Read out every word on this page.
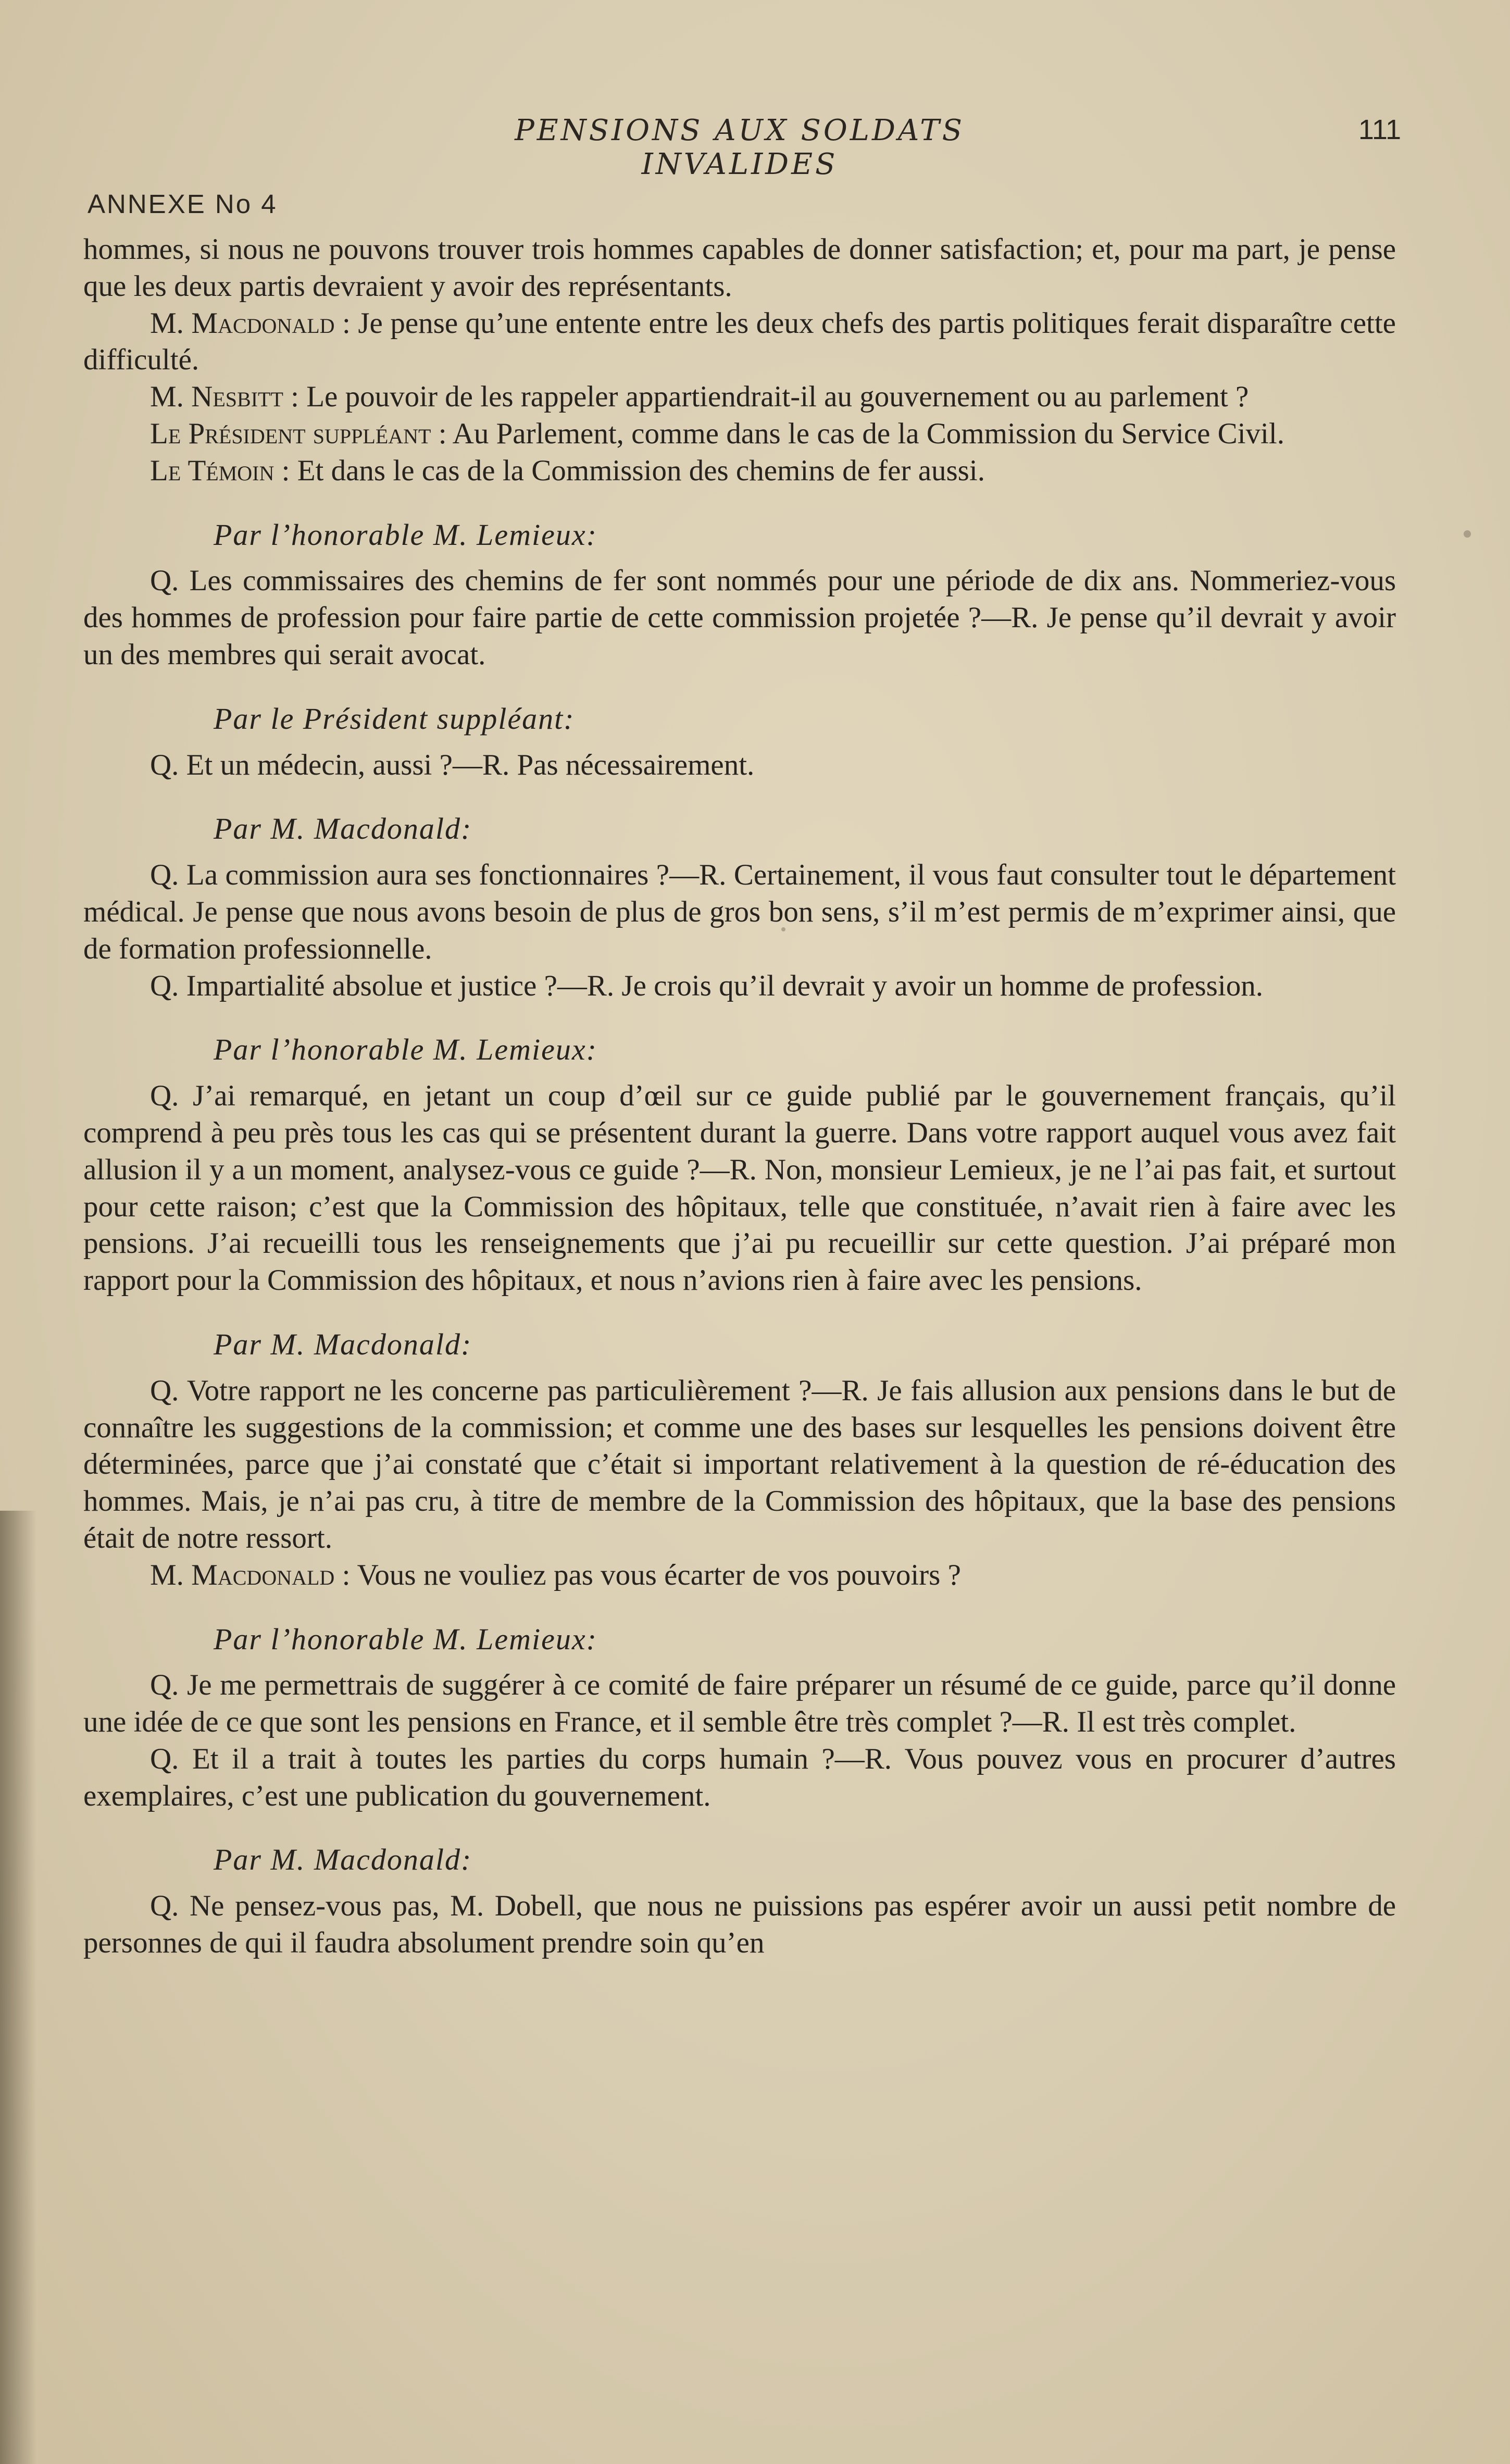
PENSIONS AUX SOLDATS INVALIDES
111
ANNEXE No 4

hommes, si nous ne pouvons trouver trois hommes capables de donner satisfaction; et, pour ma part, je pense que les deux partis devraient y avoir des représentants.

M. Macdonald : Je pense qu’une entente entre les deux chefs des partis politiques ferait disparaître cette difficulté.

M. Nesbitt : Le pouvoir de les rappeler appartiendrait-il au gouvernement ou au parlement ?

Le Président suppléant : Au Parlement, comme dans le cas de la Commission du Service Civil.

Le Témoin : Et dans le cas de la Commission des chemins de fer aussi.

Par l’honorable M. Lemieux:

Q. Les commissaires des chemins de fer sont nommés pour une période de dix ans. Nommeriez-vous des hommes de profession pour faire partie de cette commission projetée ?—R. Je pense qu’il devrait y avoir un des membres qui serait avocat.

Par le Président suppléant:

Q. Et un médecin, aussi ?—R. Pas nécessairement.

Par M. Macdonald:

Q. La commission aura ses fonctionnaires ?—R. Certainement, il vous faut consulter tout le département médical. Je pense que nous avons besoin de plus de gros bon sens, s’il m’est permis de m’exprimer ainsi, que de formation professionnelle.

Q. Impartialité absolue et justice ?—R. Je crois qu’il devrait y avoir un homme de profession.

Par l’honorable M. Lemieux:

Q. J’ai remarqué, en jetant un coup d’œil sur ce guide publié par le gouvernement français, qu’il comprend à peu près tous les cas qui se présentent durant la guerre. Dans votre rapport auquel vous avez fait allusion il y a un moment, analysez-vous ce guide ?—R. Non, monsieur Lemieux, je ne l’ai pas fait, et surtout pour cette raison; c’est que la Commission des hôpitaux, telle que constituée, n’avait rien à faire avec les pensions. J’ai recueilli tous les renseignements que j’ai pu recueillir sur cette question. J’ai préparé mon rapport pour la Commission des hôpitaux, et nous n’avions rien à faire avec les pensions.

Par M. Macdonald:

Q. Votre rapport ne les concerne pas particulièrement ?—R. Je fais allusion aux pensions dans le but de connaître les suggestions de la commission; et comme une des bases sur lesquelles les pensions doivent être déterminées, parce que j’ai constaté que c’était si important relativement à la question de ré-éducation des hommes. Mais, je n’ai pas cru, à titre de membre de la Commission des hôpitaux, que la base des pensions était de notre ressort.

M. Macdonald : Vous ne vouliez pas vous écarter de vos pouvoirs ?

Par l’honorable M. Lemieux:

Q. Je me permettrais de suggérer à ce comité de faire préparer un résumé de ce guide, parce qu’il donne une idée de ce que sont les pensions en France, et il semble être très complet ?—R. Il est très complet.

Q. Et il a trait à toutes les parties du corps humain ?—R. Vous pouvez vous en procurer d’autres exemplaires, c’est une publication du gouvernement.

Par M. Macdonald:

Q. Ne pensez-vous pas, M. Dobell, que nous ne puissions pas espérer avoir un aussi petit nombre de personnes de qui il faudra absolument prendre soin qu’en
